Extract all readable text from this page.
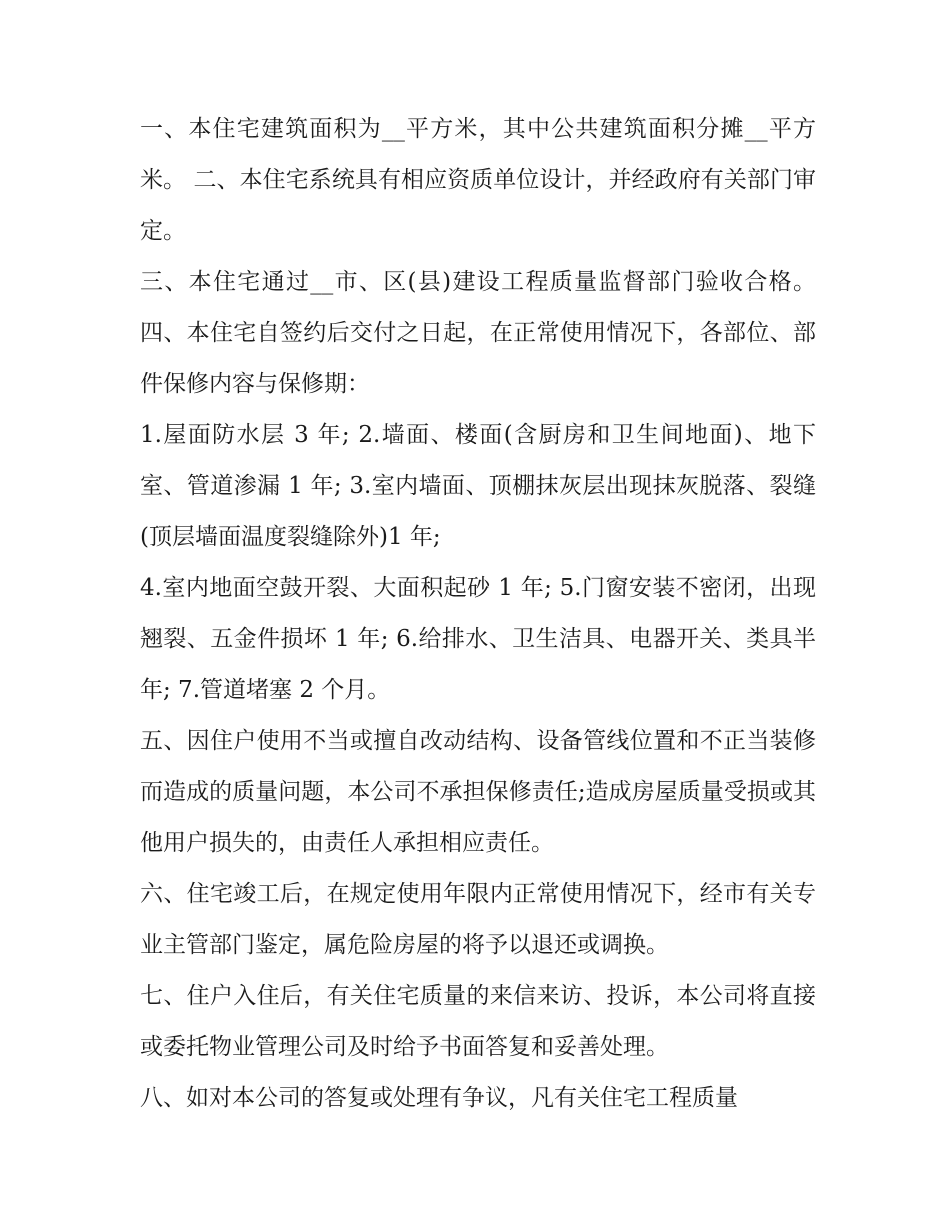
一、本住宅建筑面积为__平方米，其中公共建筑面积分摊__平方米。 二、本住宅系统具有相应资质单位设计，并经政府有关部门审定。

三、本住宅通过__市、区(县)建设工程质量监督部门验收合格。 四、本住宅自签约后交付之日起，在正常使用情况下，各部位、部件保修内容与保修期：

1.屋面防水层 3 年; 2.墙面、楼面(含厨房和卫生间地面)、地下室、管道渗漏 1 年; 3.室内墙面、顶棚抹灰层出现抹灰脱落、裂缝(顶层墙面温度裂缝除外)1 年;

4.室内地面空鼓开裂、大面积起砂 1 年; 5.门窗安装不密闭，出现翘裂、五金件损坏 1 年; 6.给排水、卫生洁具、电器开关、类具半年; 7.管道堵塞 2 个月。

五、因住户使用不当或擅自改动结构、设备管线位置和不正当装修而造成的质量问题，本公司不承担保修责任;造成房屋质量受损或其他用户损失的，由责任人承担相应责任。

六、住宅竣工后，在规定使用年限内正常使用情况下，经市有关专业主管部门鉴定，属危险房屋的将予以退还或调换。

七、住户入住后，有关住宅质量的来信来访、投诉，本公司将直接或委托物业管理公司及时给予书面答复和妥善处理。

八、如对本公司的答复或处理有争议，凡有关住宅工程质量
